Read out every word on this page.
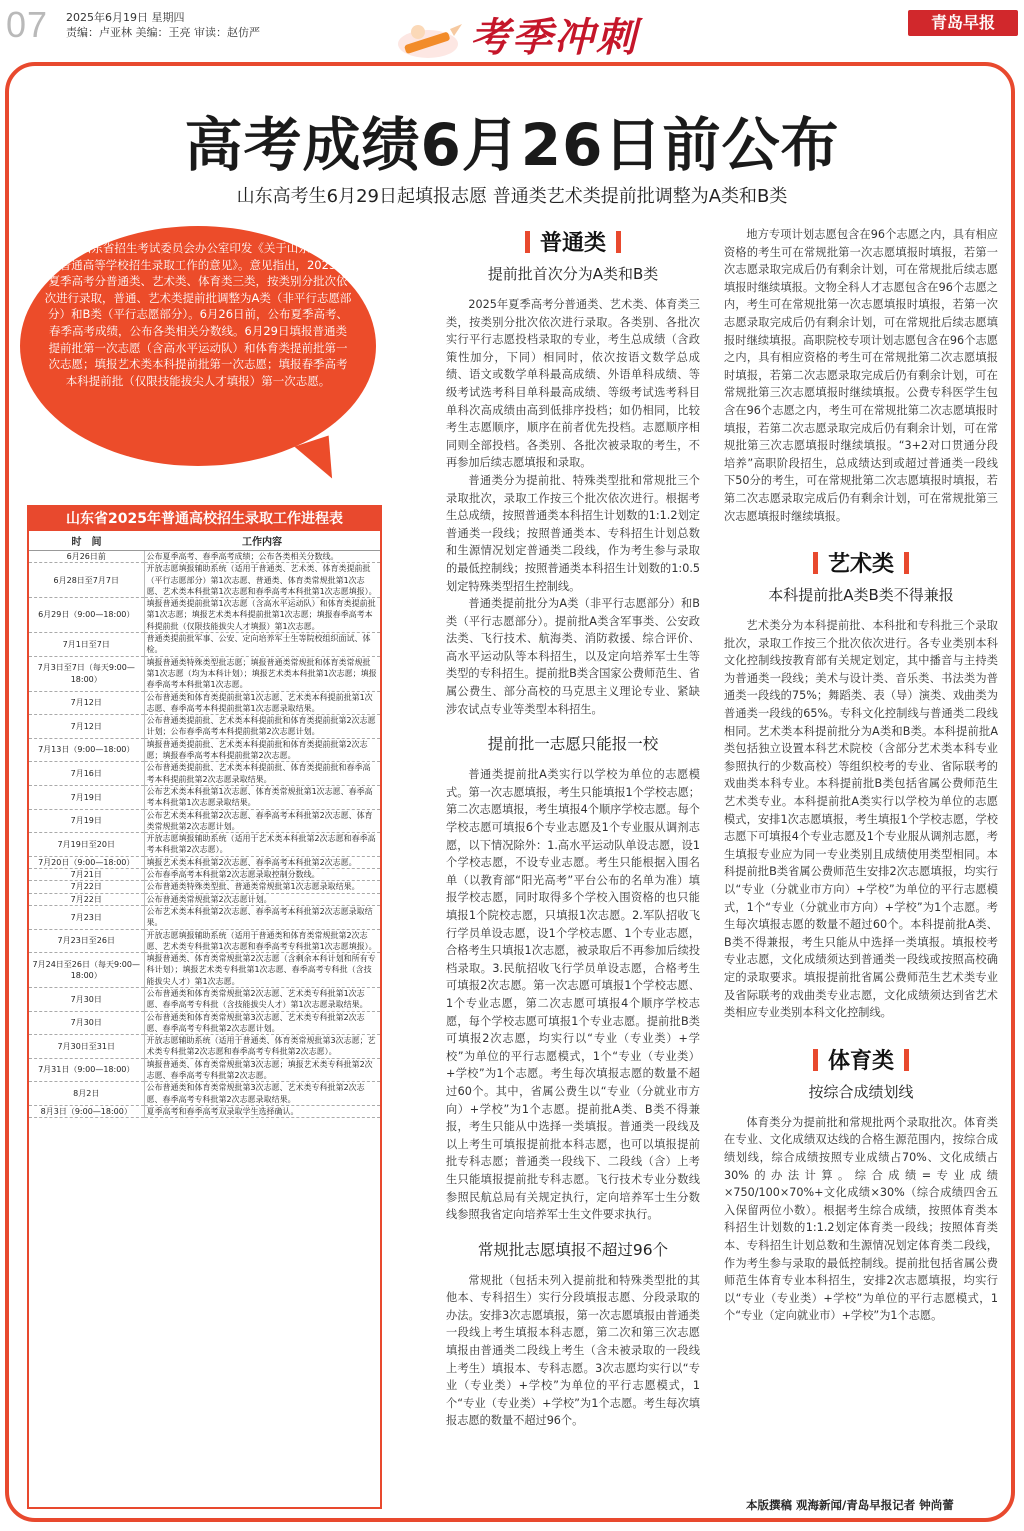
07 2025年6月19日 星期四
责编：卢亚林 美编：王亮 审读：赵仿严	考季冲刺	青岛早报
高考成绩6月26日前公布
山东高考生6月29日起填报志愿 普通类艺术类提前批调整为A类和B类
昨天，山东省招生考试委员会办公室印发《关于山东省2025年普通高等学校招生录取工作的意见》。意见指出，2025年夏季高考分普通类、艺术类、体育类三类，按类别分批次依次进行录取，普通、艺术类提前批调整为A类（非平行志愿部分）和B类（平行志愿部分）。6月26日前，公布夏季高考、春季高考成绩，公布各类相关分数线。6月29日填报普通类提前批第一次志愿（含高水平运动队）和体育类提前批第一次志愿；填报艺术类本科提前批第一次志愿；填报春季高考本科提前批（仅限技能拔尖人才填报）第一次志愿。
山东省2025年普通高校招生录取工作进程表
时　间	工作内容
6月26日前	公布夏季高考、春季高考成绩；公布各类相关分数线。
6月28日至7月7日	开放志愿填报辅助系统（适用于普通类、艺术类、体育类提前批（平行志愿部分）第1次志愿、普通类、体育类常规批第1次志愿、艺术类本科批第1次志愿和春季高考本科批第1次志愿填报）。
6月29日（9:00—18:00）	填报普通类提前批第1次志愿（含高水平运动队）和体育类提前批第1次志愿；填报艺术类本科提前批第1次志愿；填报春季高考本科提前批（仅限技能拔尖人才填报）第1次志愿。
7月1日至7日	普通类提前批军事、公安、定向培养军士生等院校组织面试、体检。
7月3日至7日（每天9:00—18:00）	填报普通类特殊类型批志愿；填报普通类常规批和体育类常规批第1次志愿（均为本科计划）；填报艺术类本科批第1次志愿；填报春季高考本科批第1次志愿。
7月12日	公布普通类和体育类提前批第1次志愿、艺术类本科提前批第1次志愿、春季高考本科提前批第1次志愿录取结果。
7月12日	公布普通类提前批、艺术类本科提前批和体育类提前批第2次志愿计划；公布春季高考本科提前批第2次志愿计划。
7月13日（9:00—18:00）	填报普通类提前批、艺术类本科提前批和体育类提前批第2次志愿；填报春季高考本科提前批第2次志愿。
7月16日	公布普通类提前批、艺术类本科提前批、体育类提前批和春季高考本科提前批第2次志愿录取结果。
7月19日	公布艺术类本科批第1次志愿、体育类常规批第1次志愿、春季高考本科批第1次志愿录取结果。
7月19日	公布艺术类本科批第2次志愿、春季高考本科批第2次志愿、体育类常规批第2次志愿计划。
7月19日至20日	开放志愿填报辅助系统（适用于艺术类本科批第2次志愿和春季高考本科批第2次志愿）。
7月20日（9:00—18:00）	填报艺术类本科批第2次志愿、春季高考本科批第2次志愿。
7月21日	公布春季高考本科批第2次志愿录取控制分数线。
7月22日	公布普通类特殊类型批、普通类常规批第1次志愿录取结果。
7月22日	公布普通类常规批第2次志愿计划。
7月23日	公布艺术类本科批第2次志愿、春季高考本科批第2次志愿录取结果。
7月23日至26日	开放志愿填报辅助系统（适用于普通类和体育类常规批第2次志愿、艺术类专科批第1次志愿和春季高考专科批第1次志愿填报）。
7月24日至26日（每天9:00—18:00）	填报普通类、体育类常规批第2次志愿（含剩余本科计划和所有专科计划）；填报艺术类专科批第1次志愿、春季高考专科批（含技能拔尖人才）第1次志愿。
7月30日	公布普通类和体育类常规批第2次志愿、艺术类专科批第1次志愿、春季高考专科批（含技能拔尖人才）第1次志愿录取结果。
7月30日	公布普通类和体育类常规批第3次志愿、艺术类专科批第2次志愿、春季高考专科批第2次志愿计划。
7月30日至31日	开放志愿辅助系统（适用于普通类、体育类常规批第3次志愿；艺术类专科批第2次志愿和春季高考专科批第2次志愿）。
7月31日（9:00—18:00）	填报普通类、体育类常规批第3次志愿；填报艺术类专科批第2次志愿、春季高考专科批第2次志愿。
8月2日	公布普通类和体育类常规批第3次志愿、艺术类专科批第2次志愿、春季高考专科批第2次志愿录取结果。
8月3日（9:00—18:00）	夏季高考和春季高考双录取学生选择确认。
普通类
提前批首次分为A类和B类

2025年夏季高考分普通类、艺术类、体育类三类，按类别分批次依次进行录取。各类别、各批次实行平行志愿投档录取的专业，考生总成绩（含政策性加分，下同）相同时，依次按语文数学总成绩、语文或数学单科最高成绩、外语单科成绩、等级考试选考科目单科最高成绩、等级考试选考科目单科次高成绩由高到低排序投档；如仍相同，比较考生志愿顺序，顺序在前者优先投档。志愿顺序相同则全部投档。各类别、各批次被录取的考生，不再参加后续志愿填报和录取。

普通类分为提前批、特殊类型批和常规批三个录取批次，录取工作按三个批次依次进行。根据考生总成绩，按照普通类本科招生计划数的1:1.2划定普通类一段线；按照普通类本、专科招生计划总数和生源情况划定普通类二段线，作为考生参与录取的最低控制线；按照普通类本科招生计划数的1:0.5划定特殊类型招生控制线。

普通类提前批分为A类（非平行志愿部分）和B类（平行志愿部分）。提前批A类含军事类、公安政法类、飞行技术、航海类、消防救援、综合评价、高水平运动队等本科招生，以及定向培养军士生等类型的专科招生。提前批B类含国家公费师范生、省属公费生、部分高校的马克思主义理论专业、紧缺涉农试点专业等类型本科招生。

提前批一志愿只能报一校

普通类提前批A类实行以学校为单位的志愿模式。第一次志愿填报，考生只能填报1个学校志愿；第二次志愿填报，考生填报4个顺序学校志愿。每个学校志愿可填报6个专业志愿及1个专业服从调剂志愿，以下情况除外：1.高水平运动队单设志愿，设1个学校志愿，不设专业志愿。考生只能根据入围名单（以教育部“阳光高考”平台公布的名单为准）填报学校志愿，同时取得多个学校入围资格的也只能填报1个院校志愿，只填报1次志愿。2.军队招收飞行学员单设志愿，设1个学校志愿、1个专业志愿，合格考生只填报1次志愿，被录取后不再参加后续投档录取。3.民航招收飞行学员单设志愿，合格考生可填报2次志愿。第一次志愿可填报1个学校志愿、1个专业志愿，第二次志愿可填报4个顺序学校志愿，每个学校志愿可填报1个专业志愿。提前批B类可填报2次志愿，均实行以“专业（专业类）+学校”为单位的平行志愿模式，1个“专业（专业类）+学校”为1个志愿。考生每次填报志愿的数量不超过60个。其中，省属公费生以“专业（分就业市方向）+学校”为1个志愿。提前批A类、B类不得兼报，考生只能从中选择一类填报。普通类一段线及以上考生可填报提前批本科志愿，也可以填报提前批专科志愿；普通类一段线下、二段线（含）上考生只能填报提前批专科志愿。飞行技术专业分数线参照民航总局有关规定执行，定向培养军士生分数线参照我省定向培养军士生文件要求执行。

常规批志愿填报不超过96个

常规批（包括未列入提前批和特殊类型批的其他本、专科招生）实行分段填报志愿、分段录取的办法。安排3次志愿填报，第一次志愿填报由普通类一段线上考生填报本科志愿，第二次和第三次志愿填报由普通类二段线上考生（含未被录取的一段线上考生）填报本、专科志愿。3次志愿均实行以“专业（专业类）+学校”为单位的平行志愿模式，1个“专业（专业类）+学校”为1个志愿。考生每次填报志愿的数量不超过96个。

地方专项计划志愿包含在96个志愿之内，具有相应资格的考生可在常规批第一次志愿填报时填报，若第一次志愿录取完成后仍有剩余计划，可在常规批后续志愿填报时继续填报。文物全科人才志愿包含在96个志愿之内，考生可在常规批第一次志愿填报时填报，若第一次志愿录取完成后仍有剩余计划，可在常规批后续志愿填报时继续填报。高职院校专项计划志愿包含在96个志愿之内，具有相应资格的考生可在常规批第二次志愿填报时填报，若第二次志愿录取完成后仍有剩余计划，可在常规批第三次志愿填报时继续填报。公费专科医学生包含在96个志愿之内，考生可在常规批第二次志愿填报时填报，若第二次志愿录取完成后仍有剩余计划，可在常规批第三次志愿填报时继续填报。“3+2对口贯通分段培养”高职阶段招生，总成绩达到或超过普通类一段线下50分的考生，可在常规批第二次志愿填报时填报，若第二次志愿录取完成后仍有剩余计划，可在常规批第三次志愿填报时继续填报。

艺术类
本科提前批A类B类不得兼报

艺术类分为本科提前批、本科批和专科批三个录取批次，录取工作按三个批次依次进行。各专业类别本科文化控制线按教育部有关规定划定，其中播音与主持类为普通类一段线；美术与设计类、音乐类、书法类为普通类一段线的75%；舞蹈类、表（导）演类、戏曲类为普通类一段线的65%。专科文化控制线与普通类二段线相同。艺术类本科提前批分为A类和B类。本科提前批A类包括独立设置本科艺术院校（含部分艺术类本科专业参照执行的少数高校）等组织校考的专业、省际联考的戏曲类本科专业。本科提前批B类包括省属公费师范生艺术类专业。本科提前批A类实行以学校为单位的志愿模式，安排1次志愿填报，考生填报1个学校志愿，学校志愿下可填报4个专业志愿及1个专业服从调剂志愿，考生填报专业应为同一专业类别且成绩使用类型相同。本科提前批B类省属公费师范生安排2次志愿填报，均实行以“专业（分就业市方向）+学校”为单位的平行志愿模式，1个“专业（分就业市方向）+学校”为1个志愿。考生每次填报志愿的数量不超过60个。本科提前批A类、B类不得兼报，考生只能从中选择一类填报。填报校考专业志愿，文化成绩须达到普通类一段线或按照高校确定的录取要求。填报提前批省属公费师范生艺术类专业及省际联考的戏曲类专业志愿，文化成绩须达到省艺术类相应专业类别本科文化控制线。

体育类
按综合成绩划线

体育类分为提前批和常规批两个录取批次。体育类在专业、文化成绩双达线的合格生源范围内，按综合成绩划线，综合成绩按照专业成绩占70%、文化成绩占30%的办法计算。综合成绩=专业成绩×750/100×70%+文化成绩×30%（综合成绩四舍五入保留两位小数）。根据考生综合成绩，按照体育类本科招生计划数的1:1.2划定体育类一段线；按照体育类本、专科招生计划总数和生源情况划定体育类二段线，作为考生参与录取的最低控制线。提前批包括省属公费师范生体育专业本科招生，安排2次志愿填报，均实行以“专业（专业类）+学校”为单位的平行志愿模式，1个“专业（定向就业市）+学校”为1个志愿。

本版撰稿 观海新闻/青岛早报记者 钟尚蕾
